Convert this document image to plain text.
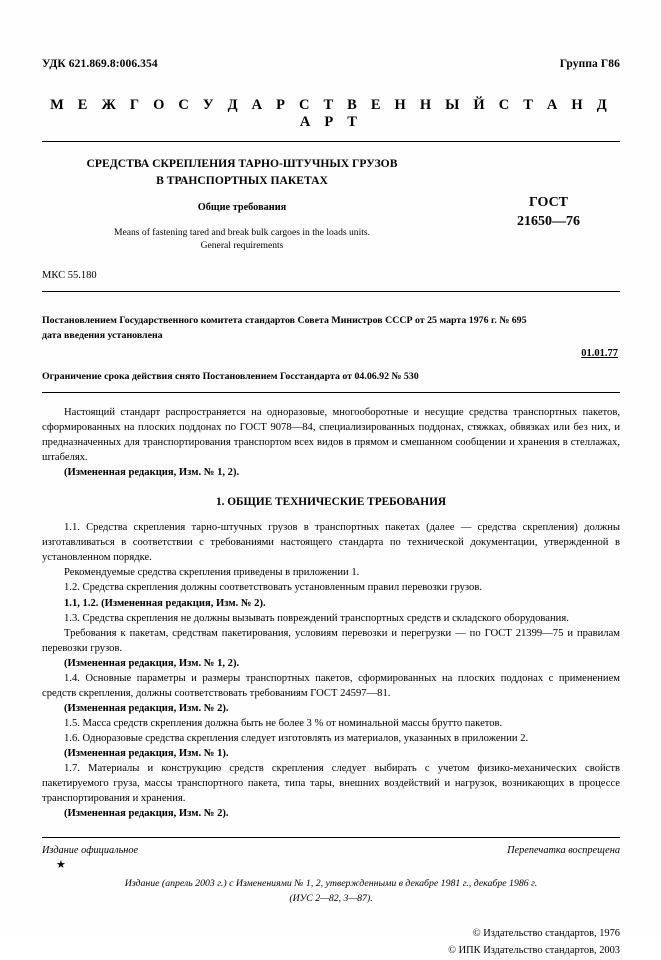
УДК 621.869.8:006.354	Группа Г86
М Е Ж Г О С У Д А Р С Т В Е Н Н Ы Й С Т А Н Д А Р Т
СРЕДСТВА СКРЕПЛЕНИЯ ТАРНО-ШТУЧНЫХ ГРУЗОВ
В ТРАНСПОРТНЫХ ПАКЕТАХ
Общие требования
Means of fastening tared and break bulk cargoes in the loads units.
General requirements
ГОСТ
21650—76
МКС 55.180
Постановлением Государственного комитета стандартов Совета Министров СССР от 25 марта 1976 г. № 695
дата введения установлена
01.01.77
Ограничение срока действия снято Постановлением Госстандарта от 04.06.92 № 530

Настоящий стандарт распространяется на одноразовые, многооборотные и несущие средства транспортных пакетов, сформированных на плоских поддонах по ГОСТ 9078—84, специализированных поддонах, стяжках, обвязках или без них, и предназначенных для транспортирования транспортом всех видов в прямом и смешанном сообщении и хранения в стеллажах, штабелях.

(Измененная редакция, Изм. № 1, 2).

1. ОБЩИЕ ТЕХНИЧЕСКИЕ ТРЕБОВАНИЯ

1.1. Средства скрепления тарно-штучных грузов в транспортных пакетах (далее — средства скрепления) должны изготавливаться в соответствии с требованиями настоящего стандарта по технической документации, утвержденной в установленном порядке.

Рекомендуемые средства скрепления приведены в приложении 1.

1.2. Средства скрепления должны соответствовать установленным правил перевозки грузов.

1.1, 1.2. (Измененная редакция, Изм. № 2).

1.3. Средства скрепления не должны вызывать повреждений транспортных средств и складского оборудования.

Требования к пакетам, средствам пакетирования, условиям перевозки и перегрузки — по ГОСТ 21399—75 и правилам перевозки грузов.

(Измененная редакция, Изм. № 1, 2).

1.4. Основные параметры и размеры транспортных пакетов, сформированных на плоских поддонах с применением средств скрепления, должны соответствовать требованиям ГОСТ 24597—81.

(Измененная редакция, Изм. № 2).

1.5. Масса средств скрепления должна быть не более 3 % от номинальной массы брутто пакетов.

1.6. Одноразовые средства скрепления следует изготовлять из материалов, указанных в приложении 2.

(Измененная редакция, Изм. № 1).

1.7. Материалы и конструкцию средств скрепления следует выбирать с учетом физико-механических свойств пакетируемого груза, массы транспортного пакета, типа тары, внешних воздействий и нагрузок, возникающих в процессе транспортирования и хранения.

(Измененная редакция, Изм. № 2).

Издание официальное	Перепечатка воспрещена
★
Издание (апрель 2003 г.) с Изменениями № 1, 2, утвержденными в декабре 1981 г., декабре 1986 г.
(ИУС 2—82, 3—87).
© Издательство стандартов, 1976
© ИПК Издательство стандартов, 2003
